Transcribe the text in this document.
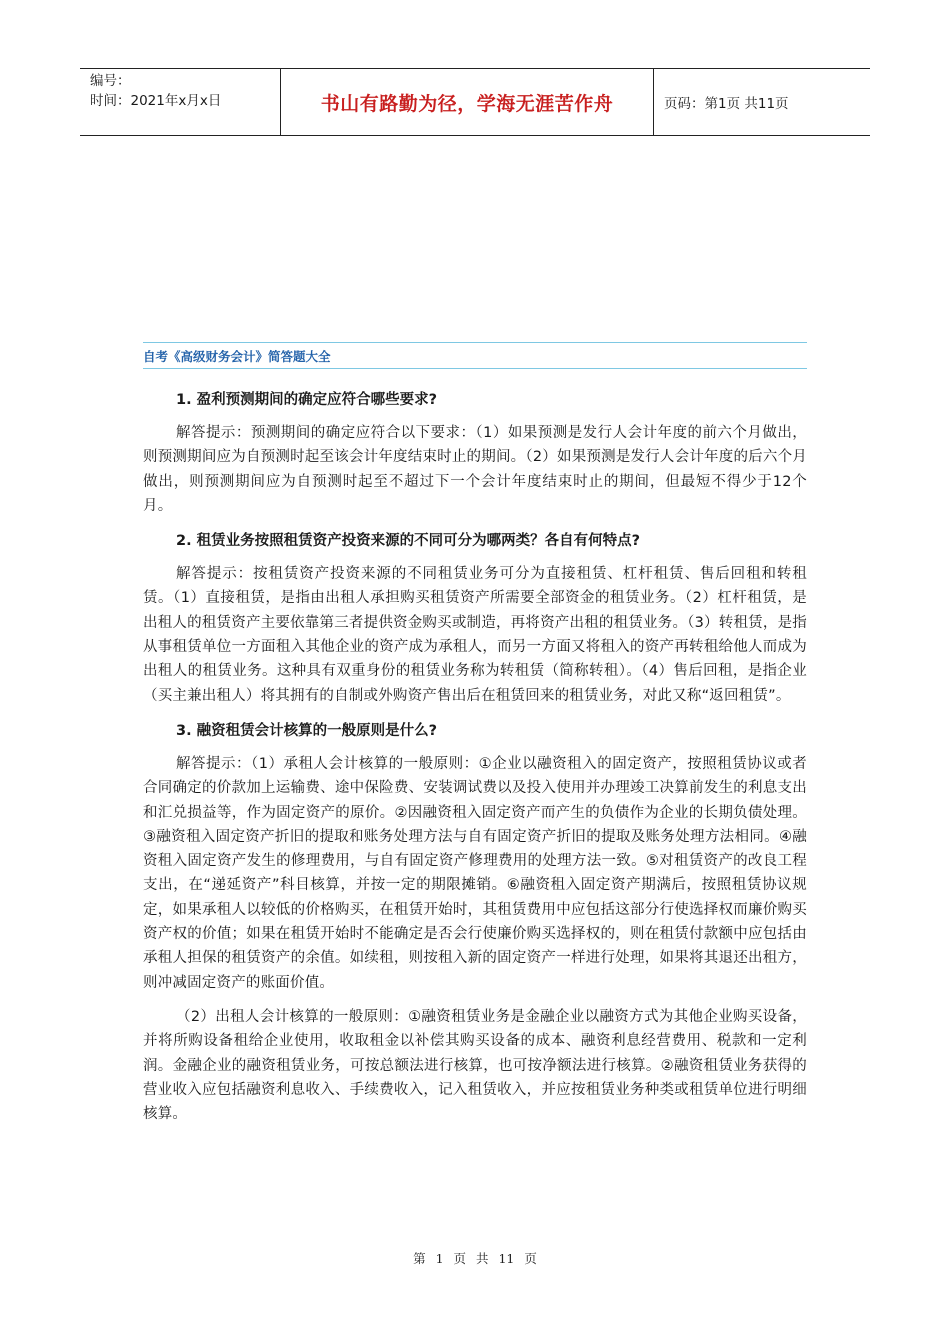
编号：
时间：2021年x月x日	书山有路勤为径，学海无涯苦作舟	页码：第1页 共11页
自考《高级财务会计》简答题大全
1. 盈利预测期间的确定应符合哪些要求?

解答提示：预测期间的确定应符合以下要求：（1）如果预测是发行人会计年度的前六个月做出，则预测期间应为自预测时起至该会计年度结束时止的期间。（2）如果预测是发行人会计年度的后六个月做出，则预测期间应为自预测时起至不超过下一个会计年度结束时止的期间，但最短不得少于12个月。

2. 租赁业务按照租赁资产投资来源的不同可分为哪两类？各自有何特点?

解答提示：按租赁资产投资来源的不同租赁业务可分为直接租赁、杠杆租赁、售后回租和转租赁。（1）直接租赁，是指由出租人承担购买租赁资产所需要全部资金的租赁业务。（2）杠杆租赁，是出租人的租赁资产主要依靠第三者提供资金购买或制造，再将资产出租的租赁业务。（3）转租赁，是指从事租赁单位一方面租入其他企业的资产成为承租人，而另一方面又将租入的资产再转租给他人而成为出租人的租赁业务。这种具有双重身份的租赁业务称为转租赁（简称转租）。（4）售后回租，是指企业（买主兼出租人）将其拥有的自制或外购资产售出后在租赁回来的租赁业务，对此又称“返回租赁”。

3. 融资租赁会计核算的一般原则是什么?

解答提示：（1）承租人会计核算的一般原则：①企业以融资租入的固定资产，按照租赁协议或者合同确定的价款加上运输费、途中保险费、安装调试费以及投入使用并办理竣工决算前发生的利息支出和汇兑损益等，作为固定资产的原价。②因融资租入固定资产而产生的负债作为企业的长期负债处理。③融资租入固定资产折旧的提取和账务处理方法与自有固定资产折旧的提取及账务处理方法相同。④融资租入固定资产发生的修理费用，与自有固定资产修理费用的处理方法一致。⑤对租赁资产的改良工程支出，在“递延资产”科目核算，并按一定的期限摊销。⑥融资租入固定资产期满后，按照租赁协议规定，如果承租人以较低的价格购买，在租赁开始时，其租赁费用中应包括这部分行使选择权而廉价购买资产权的价值；如果在租赁开始时不能确定是否会行使廉价购买选择权的，则在租赁付款额中应包括由承租人担保的租赁资产的余值。如续租，则按租入新的固定资产一样进行处理，如果将其退还出租方，则冲减固定资产的账面价值。

（2）出租人会计核算的一般原则：①融资租赁业务是金融企业以融资方式为其他企业购买设备，并将所购设备租给企业使用，收取租金以补偿其购买设备的成本、融资利息经营费用、税款和一定利润。金融企业的融资租赁业务，可按总额法进行核算，也可按净额法进行核算。②融资租赁业务获得的营业收入应包括融资利息收入、手续费收入，记入租赁收入，并应按租赁业务种类或租赁单位进行明细核算。

第 1 页 共 11 页
